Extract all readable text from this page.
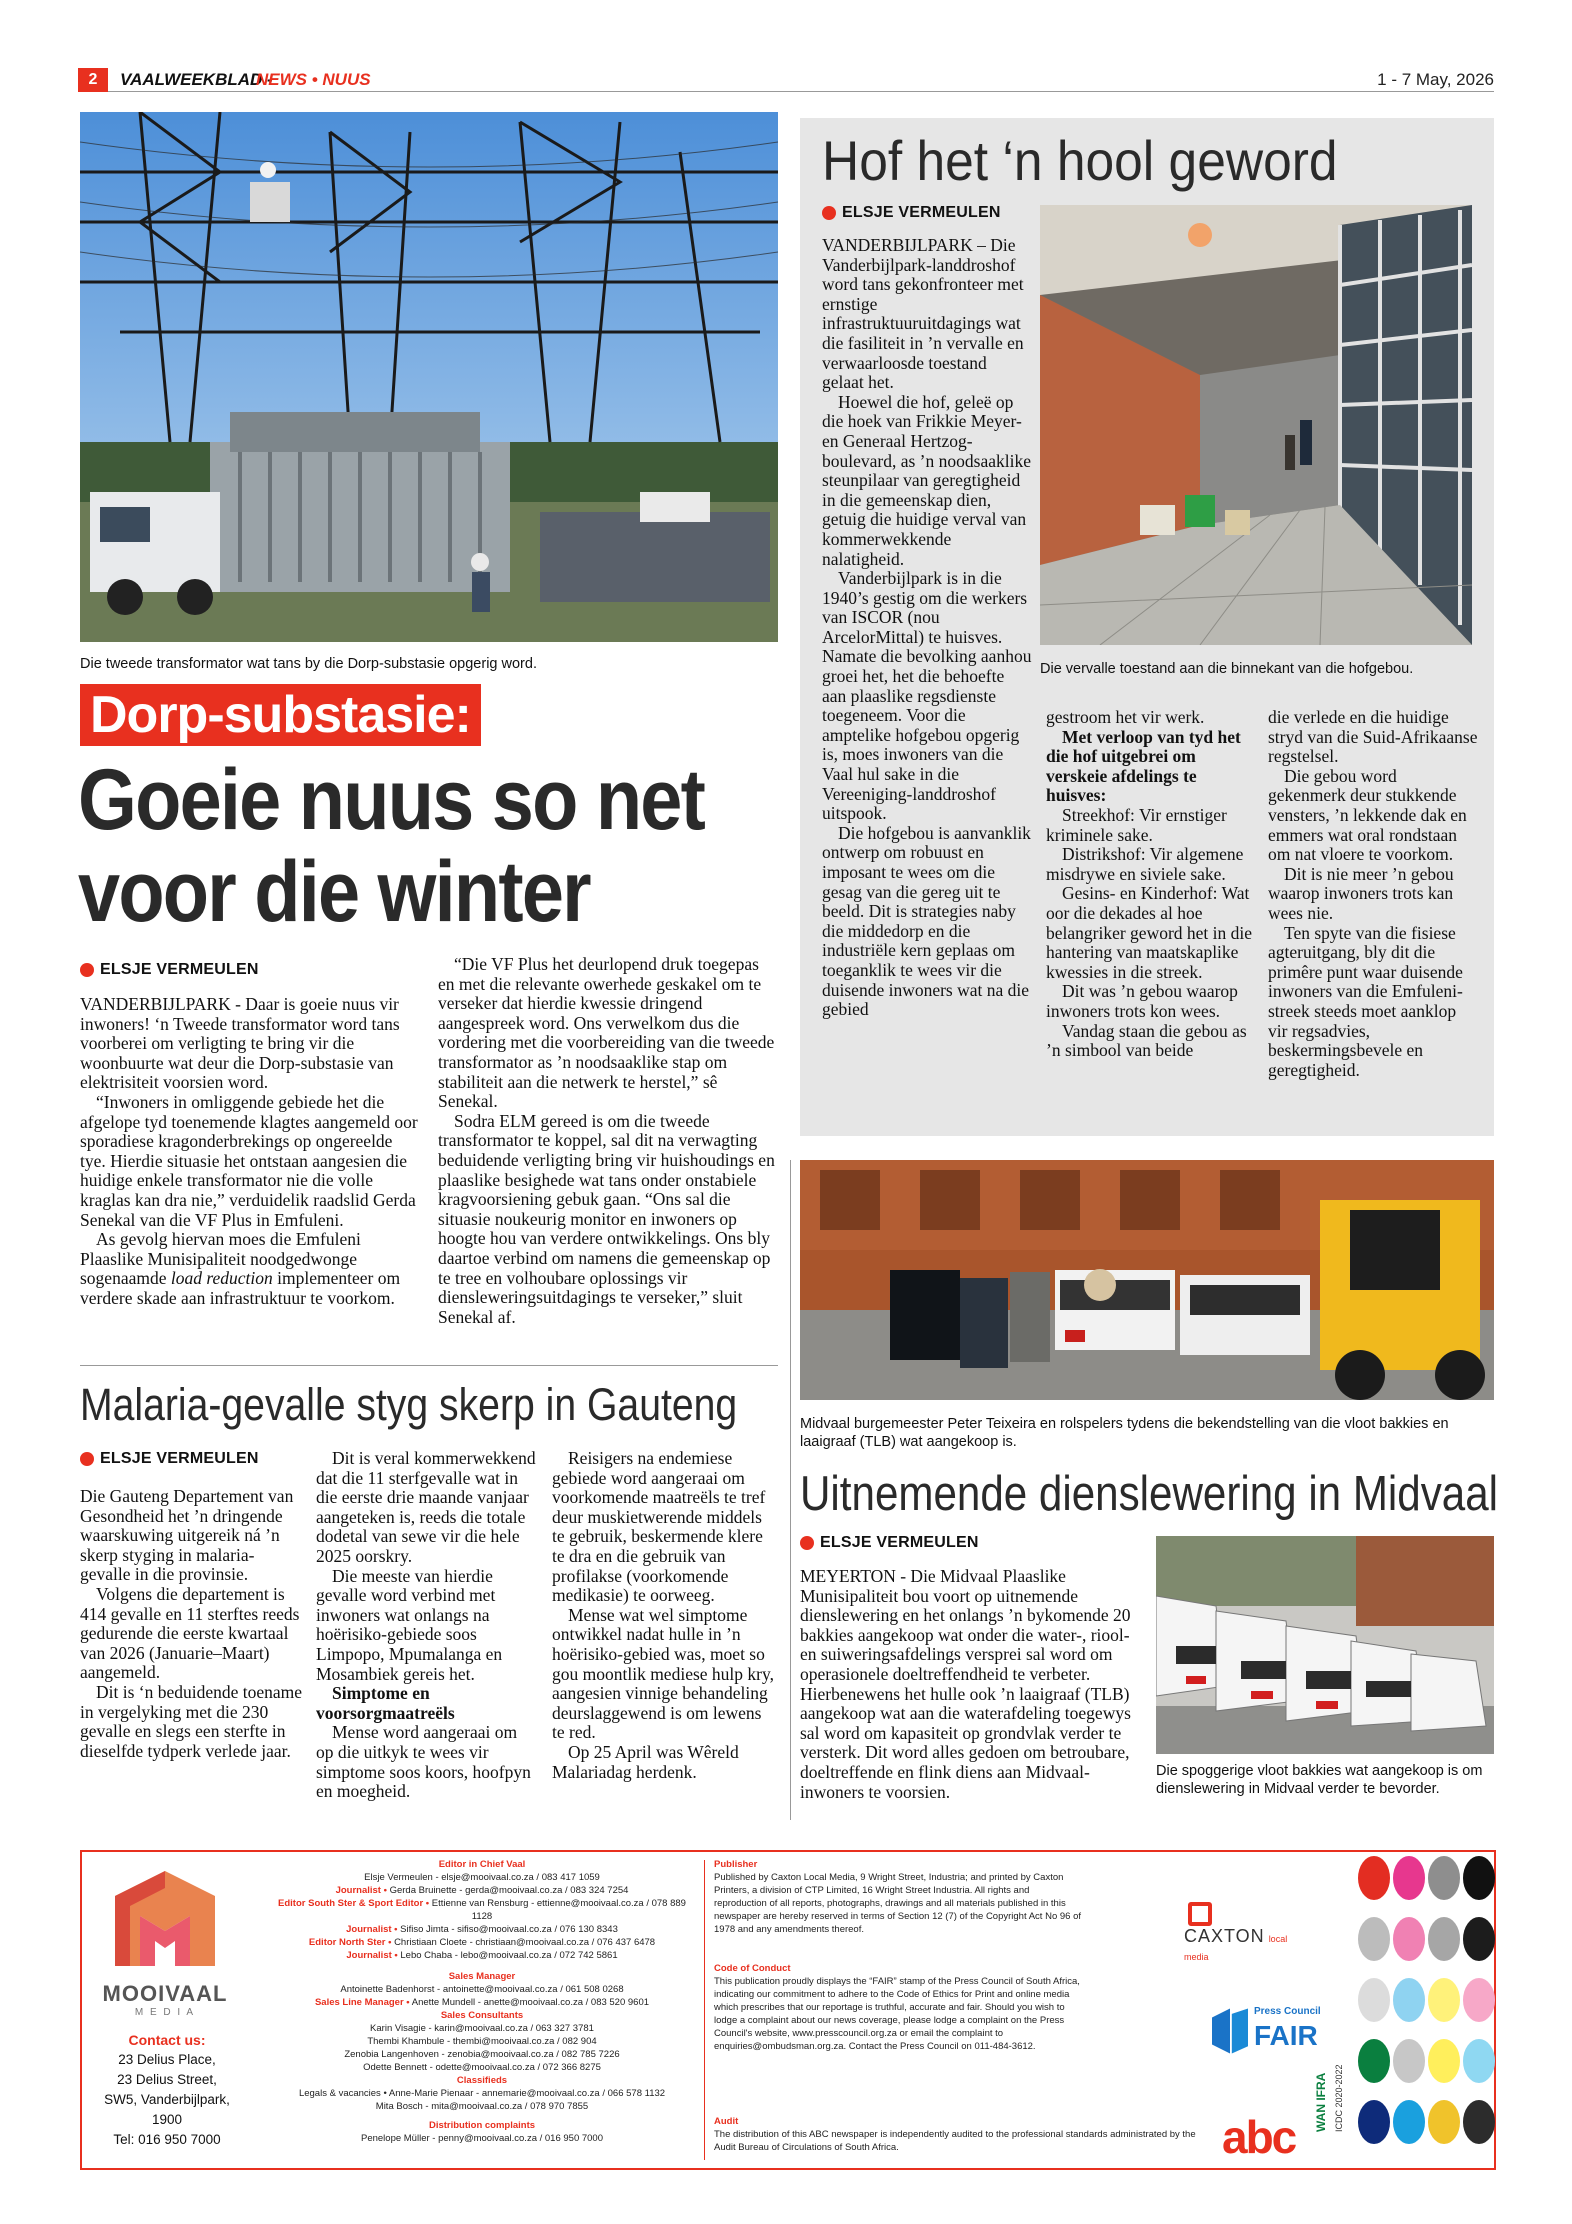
2	VAALWEEKBLAD -
NEWS • NUUS	1 - 7 May, 2026
Die tweede transformator wat tans by die Dorp-substasie opgerig word.
Dorp-substasie:
Goeie nuus so net
voor die winter
ELSJE VERMEULEN

VANDERBIJLPARK - Daar is goeie nuus vir inwoners! ‘n Tweede transformator word tans voorberei om verligting te bring vir die woonbuurte wat deur die Dorp-substasie van elektrisiteit voorsien word.

“Inwoners in omliggende gebiede het die afgelope tyd toenemende klagtes aangemeld oor sporadiese kragonderbrekings op ongereelde tye. Hierdie situasie het ontstaan aangesien die huidige enkele transformator nie die volle kraglas kan dra nie,” verduidelik raadslid Gerda Senekal van die VF Plus in Emfuleni.

As gevolg hiervan moes die Emfuleni Plaaslike Munisipaliteit noodgedwonge sogenaamde load reduction implementeer om verdere skade aan infrastruktuur te voorkom.

“Die VF Plus het deurlopend druk toegepas en met die relevante owerhede geskakel om te verseker dat hierdie kwessie dringend aangespreek word. Ons verwelkom dus die vordering met die voorbereiding van die tweede transformator as ’n noodsaaklike stap om stabiliteit aan die netwerk te herstel,” sê Senekal.

Sodra ELM gereed is om die tweede transformator te koppel, sal dit na verwagting beduidende verligting bring vir huishoudings en plaaslike besighede wat tans onder onstabiele kragvoorsiening gebuk gaan. “Ons sal die situasie noukeurig monitor en inwoners op hoogte hou van verdere ontwikkelings. Ons bly daartoe verbind om namens die gemeenskap op te tree en volhoubare oplossings vir diensleweringsuitdagings te verseker,” sluit Senekal af.

Hof het ‘n hool geword
ELSJE VERMEULEN
Die vervalle toestand aan die binnekant van die hofgebou.

VANDERBIJLPARK – Die Vanderbijlpark-landdroshof word tans gekonfronteer met ernstige infrastruktuuruitdagings wat die fasiliteit in ’n vervalle en verwaarloosde toestand gelaat het.

Hoewel die hof, geleë op die hoek van Frikkie Meyer- en Generaal Hertzog-boulevard, as ’n noodsaaklike steunpilaar van geregtigheid in die gemeenskap dien, getuig die huidige verval van kommerwekkende nalatigheid.

Vanderbijlpark is in die 1940’s gestig om die werkers van ISCOR (nou ArcelorMittal) te huisves. Namate die bevolking aanhou groei het, het die behoefte aan plaaslike regsdienste toegeneem. Voor die amptelike hofgebou opgerig is, moes inwoners van die Vaal hul sake in die Vereeniging-landdroshof uitspook.

Die hofgebou is aanvanklik ontwerp om robuust en imposant te wees om die gesag van die gereg uit te beeld. Dit is strategies naby die middedorp en die industriële kern geplaas om toeganklik te wees vir die duisende inwoners wat na die gebied

gestroom het vir werk.

Met verloop van tyd het die hof uitgebrei om verskeie afdelings te huisves:

Streekhof: Vir ernstiger kriminele sake.

Distrikshof: Vir algemene misdrywe en siviele sake.

Gesins- en Kinderhof: Wat oor die dekades al hoe belangriker geword het in die hantering van maatskaplike kwessies in die streek.

Dit was ’n gebou waarop inwoners trots kon wees.

Vandag staan die gebou as ’n simbool van beide

die verlede en die huidige stryd van die Suid-Afrikaanse regstelsel.

Die gebou word gekenmerk deur stukkende vensters, ’n lekkende dak en emmers wat oral rondstaan om nat vloere te voorkom.

Dit is nie meer ’n gebou waarop inwoners trots kan wees nie.

Ten spyte van die fisiese agteruitgang, bly dit die primêre punt waar duisende inwoners van die Emfuleni-streek steeds moet aanklop vir regsadvies, beskermingsbevele en geregtigheid.

Malaria-gevalle styg skerp in Gauteng
ELSJE VERMEULEN

Die Gauteng Departement van Gesondheid het ’n dringende waarskuwing uitgereik ná ’n skerp styging in malaria-gevalle in die provinsie.

Volgens die departement is 414 gevalle en 11 sterftes reeds gedurende die eerste kwartaal van 2026 (Januarie–Maart) aangemeld.

Dit is ‘n beduidende toename in vergelyking met die 230 gevalle en slegs een sterfte in dieselfde tydperk verlede jaar.

Dit is veral kommerwekkend dat die 11 sterfgevalle wat in die eerste drie maande vanjaar aangeteken is, reeds die totale dodetal van sewe vir die hele 2025 oorskry.

Die meeste van hierdie gevalle word verbind met inwoners wat onlangs na hoërisiko-gebiede soos Limpopo, Mpumalanga en Mosambiek gereis het.

Simptome en voorsorgmaatreëls

Mense word aangeraai om op die uitkyk te wees vir simptome soos koors, hoofpyn en moegheid.

Reisigers na endemiese gebiede word aangeraai om voorkomende maatreëls te tref deur muskietwerende middels te gebruik, beskermende klere te dra en die gebruik van profilakse (voorkomende medikasie) te oorweeg.

Mense wat wel simptome ontwikkel nadat hulle in ’n hoërisiko-gebied was, moet so gou moontlik mediese hulp kry, aangesien vinnige behandeling deurslaggewend is om lewens te red.

Op 25 April was Wêreld Malariadag herdenk.

Midvaal burgemeester Peter Teixeira en rolspelers tydens die bekendstelling van die vloot bakkies en laaigraaf (TLB) wat aangekoop is.
Uitnemende dienslewering in Midvaal
ELSJE VERMEULEN

MEYERTON - Die Midvaal Plaaslike Munisipaliteit bou voort op uitnemende dienslewering en het onlangs ’n bykomende 20 bakkies aangekoop wat onder die water-, riool- en suiweringsafdelings versprei sal word om operasionele doeltreffendheid te verbeter. Hierbenewens het hulle ook ’n laaigraaf (TLB) aangekoop wat aan die waterafdeling toegewys sal word om kapasiteit op grondvlak verder te versterk. Dit word alles gedoen om betroubare, doeltreffende en flink diens aan Midvaal-inwoners te voorsien.

Die spoggerige vloot bakkies wat aangekoop is om dienslewering in Midvaal verder te bevorder.
MOOIVAAL
M E D I A
Contact us:
23 Delius Place,
23 Delius Street,
SW5, Vanderbijlpark,
1900
Tel: 016 950 7000
Editor in Chief Vaal
Elsje Vermeulen - elsje@mooivaal.co.za / 083 417 1059
Journalist • Gerda Bruinette - gerda@mooivaal.co.za / 083 324 7254
Editor South Ster & Sport Editor • Ettienne van Rensburg - ettienne@mooivaal.co.za / 078 889 1128
Journalist • Sifiso Jimta - sifiso@mooivaal.co.za / 076 130 8343
Editor North Ster • Christiaan Cloete - christiaan@mooivaal.co.za / 076 437 6478
Journalist • Lebo Chaba - lebo@mooivaal.co.za / 072 742 5861
Sales Manager
Antoinette Badenhorst - antoinette@mooivaal.co.za / 061 508 0268
Sales Line Manager • Anette Mundell - anette@mooivaal.co.za / 083 520 9601
Sales Consultants
Karin Visagie - karin@mooivaal.co.za / 063 327 3781
Thembi Khambule - thembi@mooivaal.co.za / 082 904
Zenobia Langenhoven - zenobia@mooivaal.co.za / 082 785 7226
Odette Bennett - odette@mooivaal.co.za / 072 366 8275
Classifieds
Legals & vacancies • Anne-Marie Pienaar - annemarie@mooivaal.co.za / 066 578 1132
Mita Bosch - mita@mooivaal.co.za / 078 970 7855
Distribution complaints
Penelope Müller - penny@mooivaal.co.za / 016 950 7000
Publisher
Published by Caxton Local Media, 9 Wright Street, Industria; and printed by Caxton Printers, a division of CTP Limited, 16 Wright Street Industria. All rights and reproduction of all reports, photographs, drawings and all materials published in this newspaper are hereby reserved in terms of Section 12 (7) of the Copyright Act No 96 of 1978 and any amendments thereof.
Code of Conduct
This publication proudly displays the “FAIR” stamp of the Press Council of South Africa, indicating our commitment to adhere to the Code of Ethics for Print and online media which prescribes that our reportage is truthful, accurate and fair. Should you wish to lodge a complaint about our news coverage, please lodge a complaint on the Press Council's website, www.presscouncil.org.za or email the complaint to enquiries@ombudsman.org.za. Contact the Press Council on 011-484-3612.
Audit
The distribution of this ABC newspaper is independently audited to the professional standards administrated by the Audit Bureau of Circulations of South Africa.
CAXTON local media
Press Council
FAIR
abc
WAN IFRA ICDC 2020-2022
